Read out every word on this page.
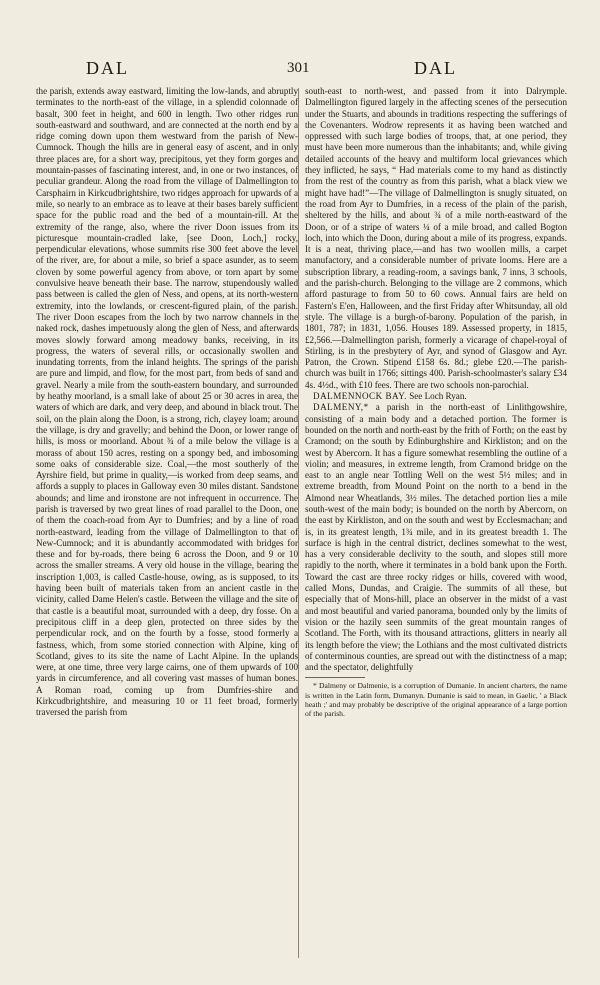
DAL	301	DAL

the parish, extends away eastward, limiting the low-lands, and abruptly terminates to the north-east of the village, in a splendid colonnade of basalt, 300 feet in height, and 600 in length. Two other ridges run south-eastward and southward, and are connected at the north end by a ridge coming down upon them westward from the parish of New-Cumnock. Though the hills are in general easy of ascent, and in only three places are, for a short way, precipitous, yet they form gorges and mountain-passes of fascinating interest, and, in one or two instances, of peculiar grandeur. Along the road from the village of Dalmellington to Carsphairn in Kirkcudbrightshire, two ridges approach for upwards of a mile, so nearly to an embrace as to leave at their bases barely sufficient space for the public road and the bed of a mountain-rill. At the extremity of the range, also, where the river Doon issues from its picturesque mountain-cradled lake, [see Doon, Loch,] rocky, perpendicular elevations, whose summits rise 300 feet above the level of the river, are, for about a mile, so brief a space asunder, as to seem cloven by some powerful agency from above, or torn apart by some convulsive heave beneath their base. The narrow, stupendously walled pass between is called the glen of Ness, and opens, at its north-western extremity, into the lowlands, or crescent-figured plain, of the parish. The river Doon escapes from the loch by two narrow channels in the naked rock, dashes impetuously along the glen of Ness, and afterwards moves slowly forward among meadowy banks, receiving, in its progress, the waters of several rills, or occasionally swollen and inundating torrents, from the inland heights. The springs of the parish are pure and limpid, and flow, for the most part, from beds of sand and gravel. Nearly a mile from the south-eastern boundary, and surrounded by heathy moorland, is a small lake of about 25 or 30 acres in area, the waters of which are dark, and very deep, and abound in black trout. The soil, on the plain along the Doon, is a strong, rich, clayey loam; around the village, is dry and gravelly; and behind the Doon, or lower range of hills, is moss or moorland. About ¾ of a mile below the village is a morass of about 150 acres, resting on a spongy bed, and imbosoming some oaks of considerable size. Coal,—the most southerly of the Ayrshire field, but prime in quality,—is worked from deep seams, and affords a supply to places in Galloway even 30 miles distant. Sandstone abounds; and lime and ironstone are not infrequent in occurrence. The parish is traversed by two great lines of road parallel to the Doon, one of them the coach-road from Ayr to Dumfries; and by a line of road north-eastward, leading from the village of Dalmellington to that of New-Cumnock; and it is abundantly accommodated with bridges for these and for by-roads, there being 6 across the Doon, and 9 or 10 across the smaller streams. A very old house in the village, bearing the inscription 1,003, is called Castle-house, owing, as is supposed, to its having been built of materials taken from an ancient castle in the vicinity, called Dame Helen's castle. Between the village and the site of that castle is a beautiful moat, surrounded with a deep, dry fosse. On a precipitous cliff in a deep glen, protected on three sides by the perpendicular rock, and on the fourth by a fosse, stood formerly a fastness, which, from some storied connection with Alpine, king of Scotland, gives to its site the name of Lacht Alpine. In the uplands were, at one time, three very large cairns, one of them upwards of 100 yards in circumference, and all covering vast masses of human bones. A Roman road, coming up from Dumfries-shire and Kirkcudbrightshire, and measuring 10 or 11 feet broad, formerly traversed the parish from

south-east to north-west, and passed from it into Dalrymple. Dalmellington figured largely in the affecting scenes of the persecution under the Stuarts, and abounds in traditions respecting the sufferings of the Covenanters. Wodrow represents it as having been watched and oppressed with such large bodies of troops, that, at one period, they must have been more numerous than the inhabitants; and, while giving detailed accounts of the heavy and multiform local grievances which they inflicted, he says, “ Had materials come to my hand as distinctly from the rest of the country as from this parish, what a black view we might have had!”—The village of Dalmellington is snugly situated, on the road from Ayr to Dumfries, in a recess of the plain of the parish, sheltered by the hills, and about ¾ of a mile north-eastward of the Doon, or of a stripe of waters ¼ of a mile broad, and called Bogton loch, into which the Doon, during about a mile of its progress, expands. It is a neat, thriving place,—and has two woollen mills, a carpet manufactory, and a considerable number of private looms. Here are a subscription library, a reading-room, a savings bank, 7 inns, 3 schools, and the parish-church. Belonging to the village are 2 commons, which afford pasturage to from 50 to 60 cows. Annual fairs are held on Fastern's E'en, Halloween, and the first Friday after Whitsunday, all old style. The village is a burgh-of-barony. Population of the parish, in 1801, 787; in 1831, 1,056. Houses 189. Assessed property, in 1815, £2,566.—Dalmellington parish, formerly a vicarage of chapel-royal of Stirling, is in the presbytery of Ayr, and synod of Glasgow and Ayr. Patron, the Crown. Stipend £158 6s. 8d.; glebe £20.—The parish-church was built in 1766; sittings 400. Parish-schoolmaster's salary £34 4s. 4½d., with £10 fees. There are two schools non-parochial.

DALMENNOCK BAY. See Loch Ryan.

DALMENY,* a parish in the north-east of Linlithgowshire, consisting of a main body and a detached portion. The former is bounded on the north and north-east by the frith of Forth; on the east by Cramond; on the south by Edinburghshire and Kirkliston; and on the west by Abercorn. It has a figure somewhat resembling the outline of a violin; and measures, in extreme length, from Cramond bridge on the east to an angle near Tottling Well on the west 5½ miles; and in extreme breadth, from Mound Point on the north to a bend in the Almond near Wheatlands, 3½ miles. The detached portion lies a mile south-west of the main body; is bounded on the north by Abercorn, on the east by Kirkliston, and on the south and west by Ecclesmachan; and is, in its greatest length, 1¾ mile, and in its greatest breadth 1. The surface is high in the central district, declines somewhat to the west, has a very considerable declivity to the south, and slopes still more rapidly to the north, where it terminates in a bold bank upon the Forth. Toward the cast are three rocky ridges or hills, covered with wood, called Mons, Dundas, and Craigie. The summits of all these, but especially that of Mons-hill, place an observer in the midst of a vast and most beautiful and varied panorama, bounded only by the limits of vision or the hazily seen summits of the great mountain ranges of Scotland. The Forth, with its thousand attractions, glitters in nearly all its length before the view; the Lothians and the most cultivated districts of conterminous counties, are spread out with the distinctness of a map; and the spectator, delightfully

* Dalmeny or Dalmenie, is a corruption of Dumanie. In ancient charters, the name is written in the Latin form, Dumanyn. Dumanie is said to mean, in Gaelic, ' a Black heath ;' and may probably be descriptive of the original appearance of a large portion of the parish.
